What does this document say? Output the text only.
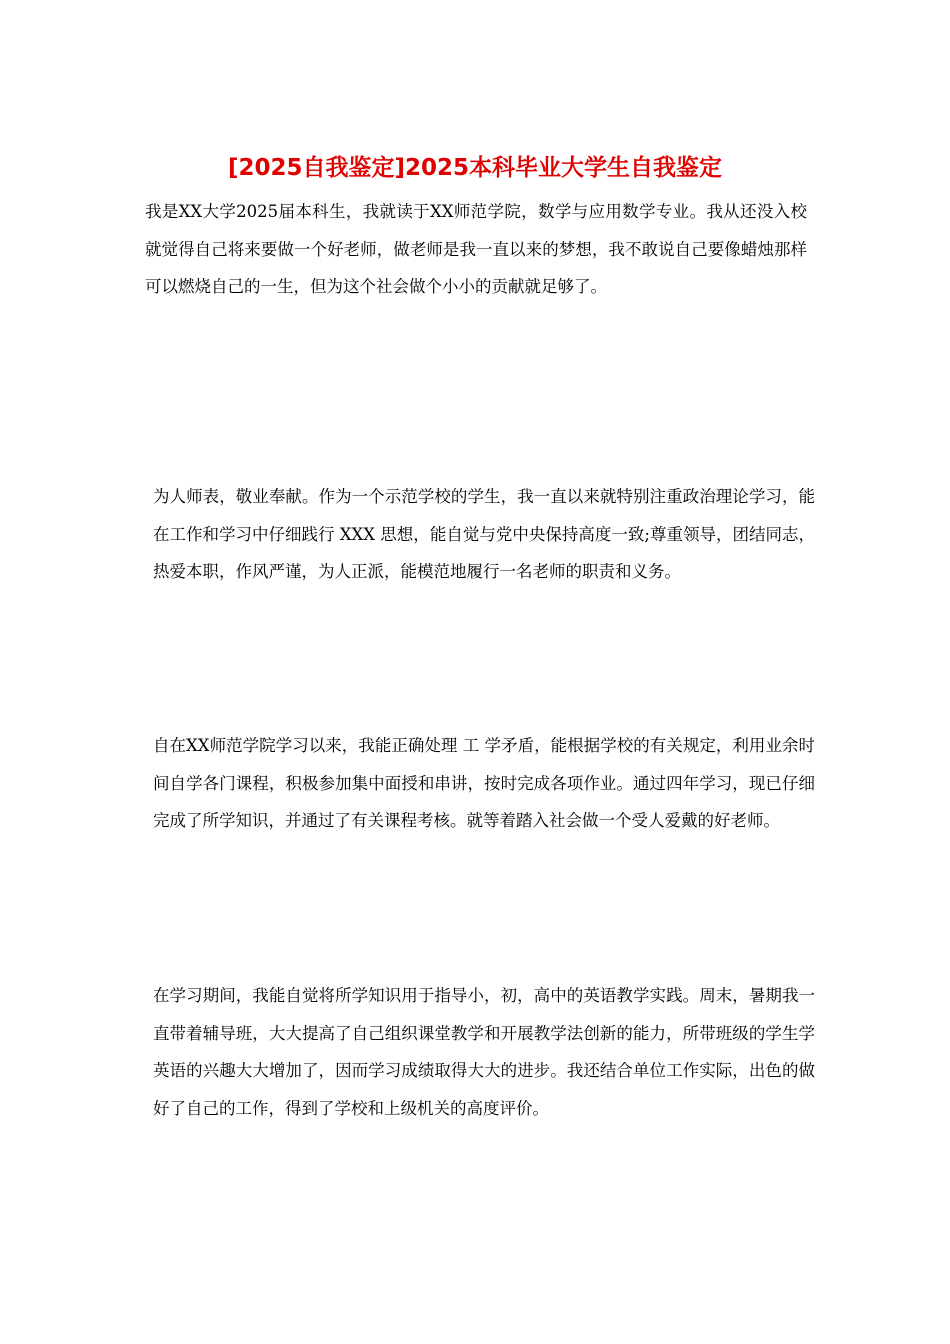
[2025自我鉴定]2025本科毕业大学生自我鉴定

我是XX大学2025届本科生，我就读于XX师范学院，数学与应用数学专业。我从还没入校就觉得自己将来要做一个好老师，做老师是我一直以来的梦想，我不敢说自己要像蜡烛那样可以燃烧自己的一生，但为这个社会做个小小的贡献就足够了。

为人师表，敬业奉献。作为一个示范学校的学生，我一直以来就特别注重政治理论学习，能在工作和学习中仔细践行 XXX 思想，能自觉与党中央保持高度一致;尊重领导，团结同志，热爱本职，作风严谨，为人正派，能模范地履行一名老师的职责和义务。

自在XX师范学院学习以来，我能正确处理 工 学矛盾，能根据学校的有关规定，利用业余时间自学各门课程，积极参加集中面授和串讲，按时完成各项作业。通过四年学习，现已仔细完成了所学知识，并通过了有关课程考核。就等着踏入社会做一个受人爱戴的好老师。

在学习期间，我能自觉将所学知识用于指导小，初，高中的英语教学实践。周末，暑期我一直带着辅导班，大大提高了自己组织课堂教学和开展教学法创新的能力，所带班级的学生学英语的兴趣大大增加了，因而学习成绩取得大大的进步。我还结合单位工作实际，出色的做好了自己的工作，得到了学校和上级机关的高度评价。
